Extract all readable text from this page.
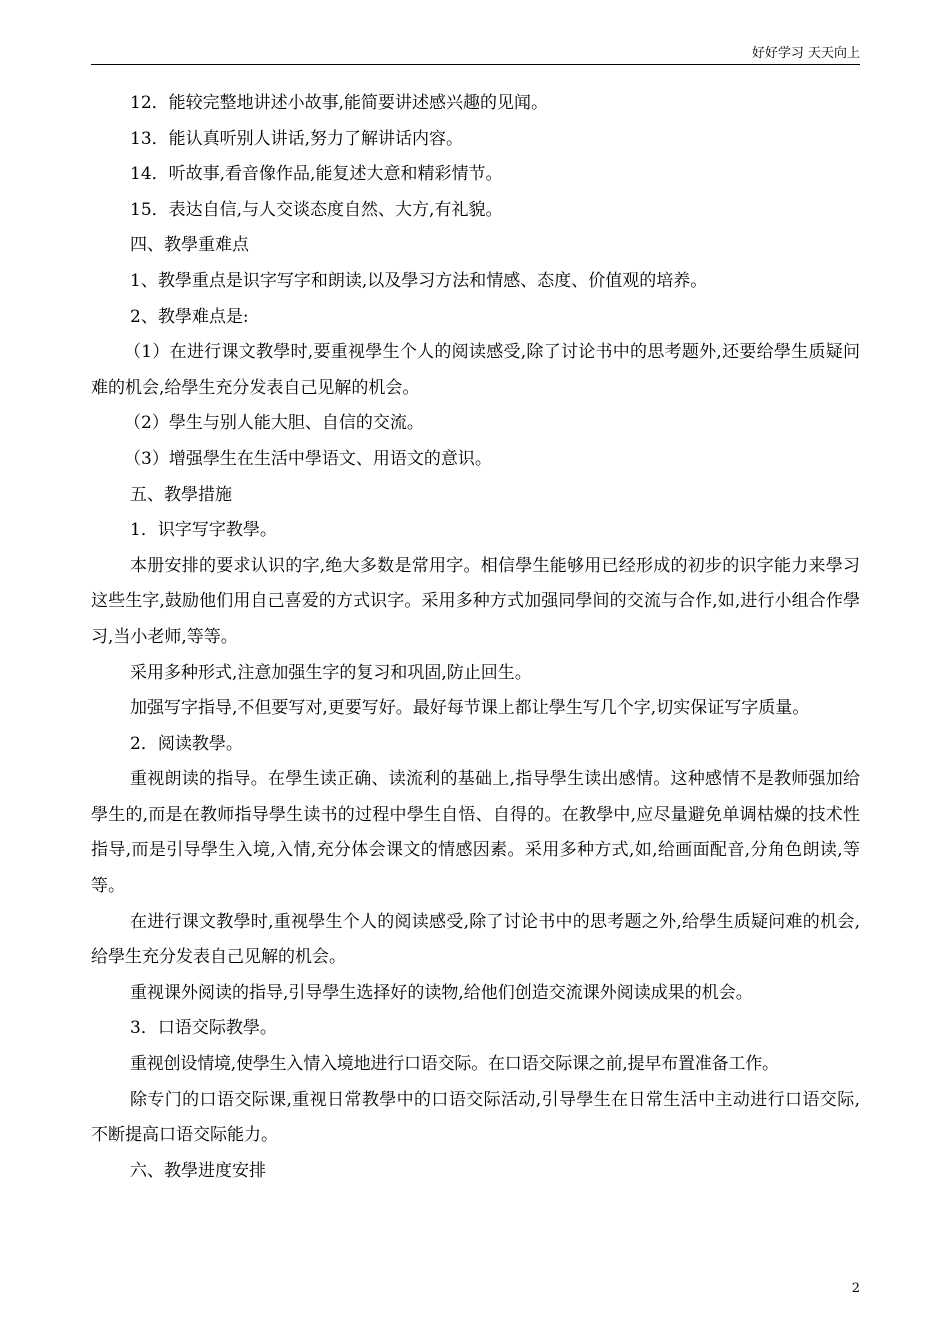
好好学习 天天向上

12．能较完整地讲述小故事,能简要讲述感兴趣的见闻。

13．能认真听别人讲话,努力了解讲话内容。

14．听故事,看音像作品,能复述大意和精彩情节。

15．表达自信,与人交谈态度自然、大方,有礼貌。

四、教學重难点

1、教學重点是识字写字和朗读,以及學习方法和情感、态度、价值观的培养。

2、教學难点是:

（1）在进行课文教學时,要重视學生个人的阅读感受,除了讨论书中的思考题外,还要给學生质疑问难的机会,给學生充分发表自己见解的机会。

（2）學生与别人能大胆、自信的交流。

（3）增强學生在生活中學语文、用语文的意识。

五、教學措施

1．识字写字教學。

本册安排的要求认识的字,绝大多数是常用字。相信學生能够用已经形成的初步的识字能力来學习这些生字,鼓励他们用自己喜爱的方式识字。采用多种方式加强同學间的交流与合作,如,进行小组合作學习,当小老师,等等。

采用多种形式,注意加强生字的复习和巩固,防止回生。

加强写字指导,不但要写对,更要写好。最好每节课上都让學生写几个字,切实保证写字质量。

2．阅读教學。

重视朗读的指导。在學生读正确、读流利的基础上,指导學生读出感情。这种感情不是教师强加给學生的,而是在教师指导學生读书的过程中學生自悟、自得的。在教學中,应尽量避免单调枯燥的技术性指导,而是引导學生入境,入情,充分体会课文的情感因素。采用多种方式,如,给画面配音,分角色朗读,等等。

在进行课文教學时,重视學生个人的阅读感受,除了讨论书中的思考题之外,给學生质疑问难的机会,给學生充分发表自己见解的机会。

重视课外阅读的指导,引导學生选择好的读物,给他们创造交流课外阅读成果的机会。

3．口语交际教學。

重视创设情境,使學生入情入境地进行口语交际。在口语交际课之前,提早布置准备工作。

除专门的口语交际课,重视日常教學中的口语交际活动,引导學生在日常生活中主动进行口语交际,不断提高口语交际能力。

六、教學进度安排

2
